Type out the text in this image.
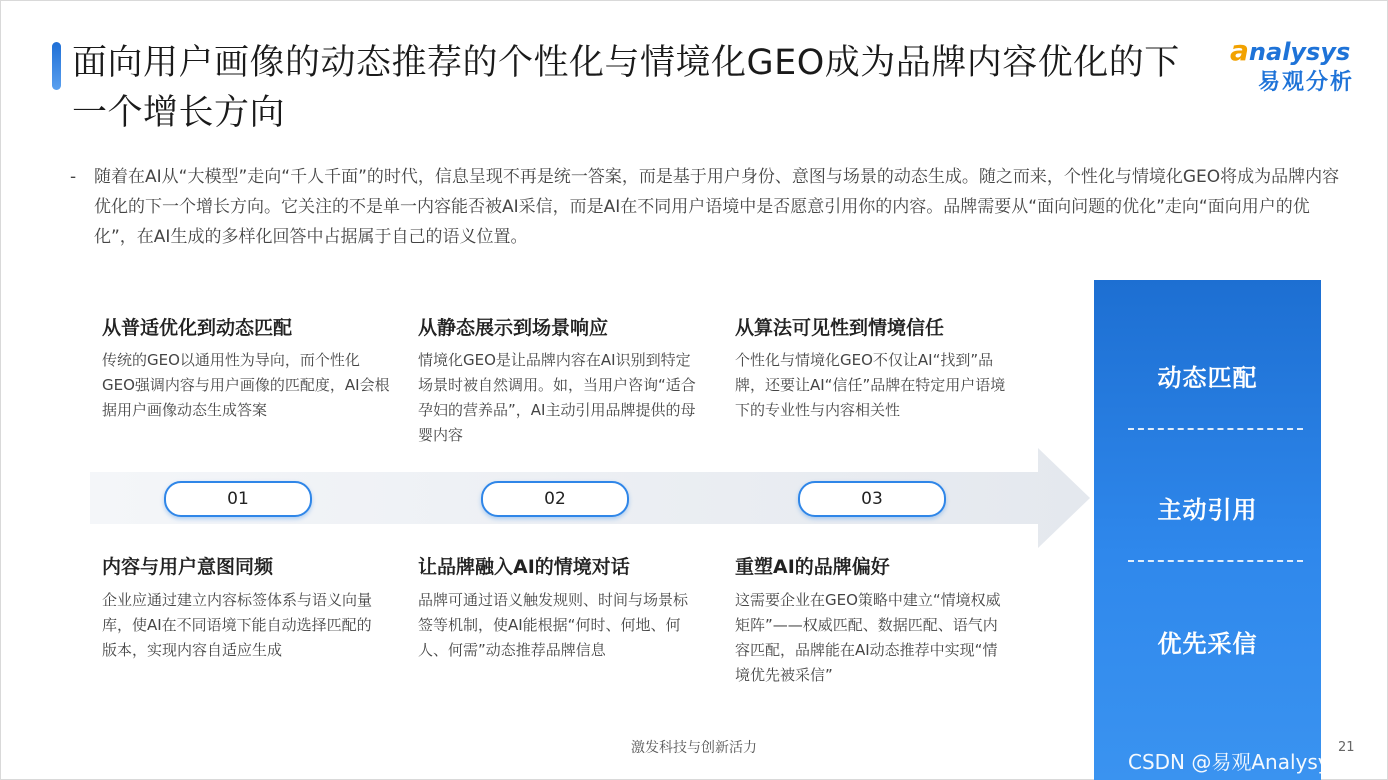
面向用户画像的动态推荐的个性化与情境化GEO成为品牌内容优化的下一个增长方向
analysys
易观分析
- 随着在AI从“大模型”走向“千人千面”的时代，信息呈现不再是统一答案，而是基于用户身份、意图与场景的动态生成。随之而来，个性化与情境化GEO将成为品牌内容优化的下一个增长方向。它关注的不是单一内容能否被AI采信，而是AI在不同用户语境中是否愿意引用你的内容。品牌需要从“面向问题的优化”走向“面向用户的优化”，在AI生成的多样化回答中占据属于自己的语义位置。
从普适优化到动态匹配
传统的GEO以通用性为导向，而个性化GEO强调内容与用户画像的匹配度，AI会根据用户画像动态生成答案
01
内容与用户意图同频
企业应通过建立内容标签体系与语义向量库，使AI在不同语境下能自动选择匹配的版本，实现内容自适应生成
从静态展示到场景响应
情境化GEO是让品牌内容在AI识别到特定场景时被自然调用。如，当用户咨询“适合孕妇的营养品”，AI主动引用品牌提供的母婴内容
02
让品牌融入AI的情境对话
品牌可通过语义触发规则、时间与场景标签等机制，使AI能根据“何时、何地、何人、何需”动态推荐品牌信息
从算法可见性到情境信任
个性化与情境化GEO不仅让AI“找到”品牌，还要让AI“信任”品牌在特定用户语境下的专业性与内容相关性
03
重塑AI的品牌偏好
这需要企业在GEO策略中建立“情境权威矩阵”——权威匹配、数据匹配、语气内容匹配，品牌能在AI动态推荐中实现“情境优先被采信”
动态匹配
主动引用
优先采信
激发科技与创新活力	21
CSDN @易观Analysys
